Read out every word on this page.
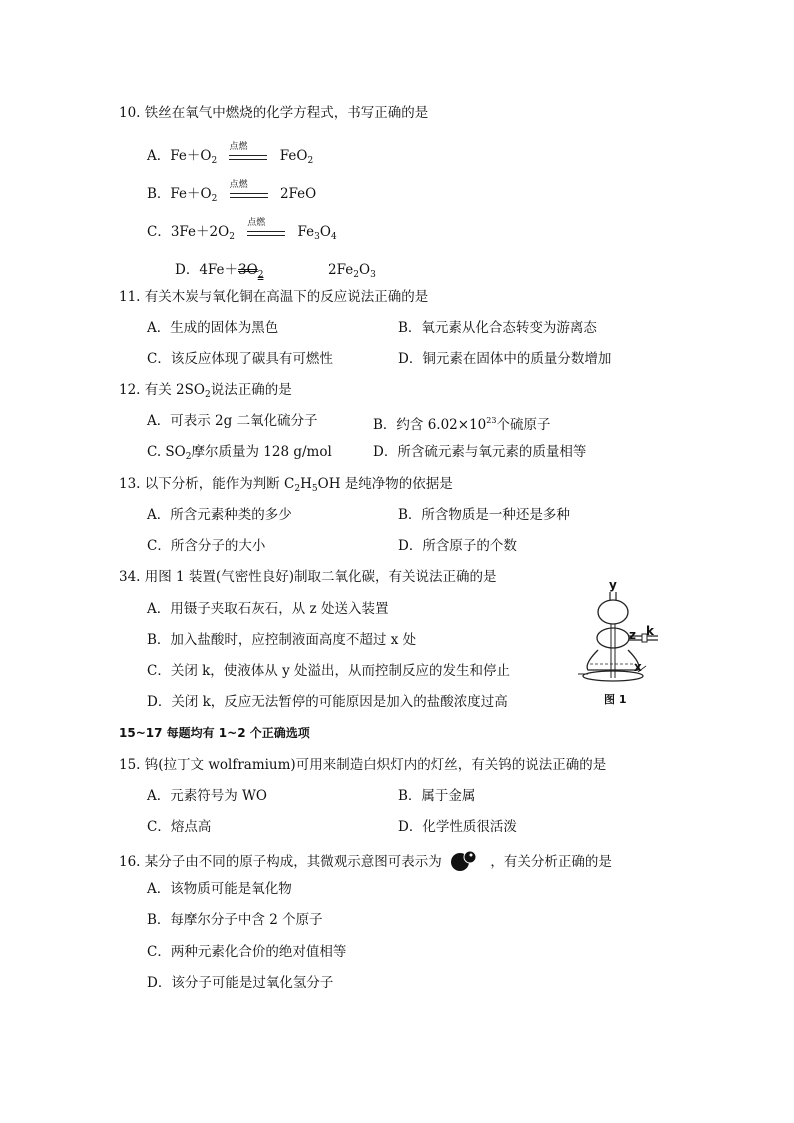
10. 铁丝在氧气中燃烧的化学方程式，书写正确的是
A．$Fe+O_2$
点燃
FeO$_2$
B．$Fe+O_2$
点燃
2FeO
C．$3Fe+2O_2$
点燃
$Fe_3O_4$
D．$4Fe+3O_2$	$2Fe_2O_3$
11. 有关木炭与氧化铜在高温下的反应说法正确的是
A．生成的固体为黑色	B．氧元素从化合态转变为游离态
C．该反应体现了碳具有可燃性	D．铜元素在固体中的质量分数增加
12. 有关 $2SO_2$说法正确的是
A．可表示 2g 二氧化硫分子	B．约含 $6.02\times 10^{23}$个硫原子
C. $SO_2$摩尔质量为 128 g/mol	D．所含硫元素与氧元素的质量相等
13. 以下分析，能作为判断 $C_2H_5OH$ 是纯净物的依据是
A．所含元素种类的多少	B．所含物质是一种还是多种
C．所含分子的大小	D．所含原子的个数
34. 用图 1 装置(气密性良好)制取二氧化碳，有关说法正确的是
A．用镊子夹取石灰石，从 z 处送入装置
B．加入盐酸时，应控制液面高度不超过 x 处
C．关闭 k，使液体从 y 处溢出，从而控制反应的发生和停止
D．关闭 k，反应无法暂停的可能原因是加入的盐酸浓度过高
y
z k
x
图 1
15~17 每题均有 1~2 个正确选项
15. 钨(拉丁文 wolframium)可用来制造白炽灯内的灯丝，有关钨的说法正确的是
A．元素符号为 WO	B．属于金属
C．熔点高	D．化学性质很活泼
16. 某分子由不同的原子构成，其微观示意图可表示为	，有关分析正确的是
A．该物质可能是氧化物
B．每摩尔分子中含 2 个原子
C．两种元素化合价的绝对值相等
D．该分子可能是过氧化氢分子
